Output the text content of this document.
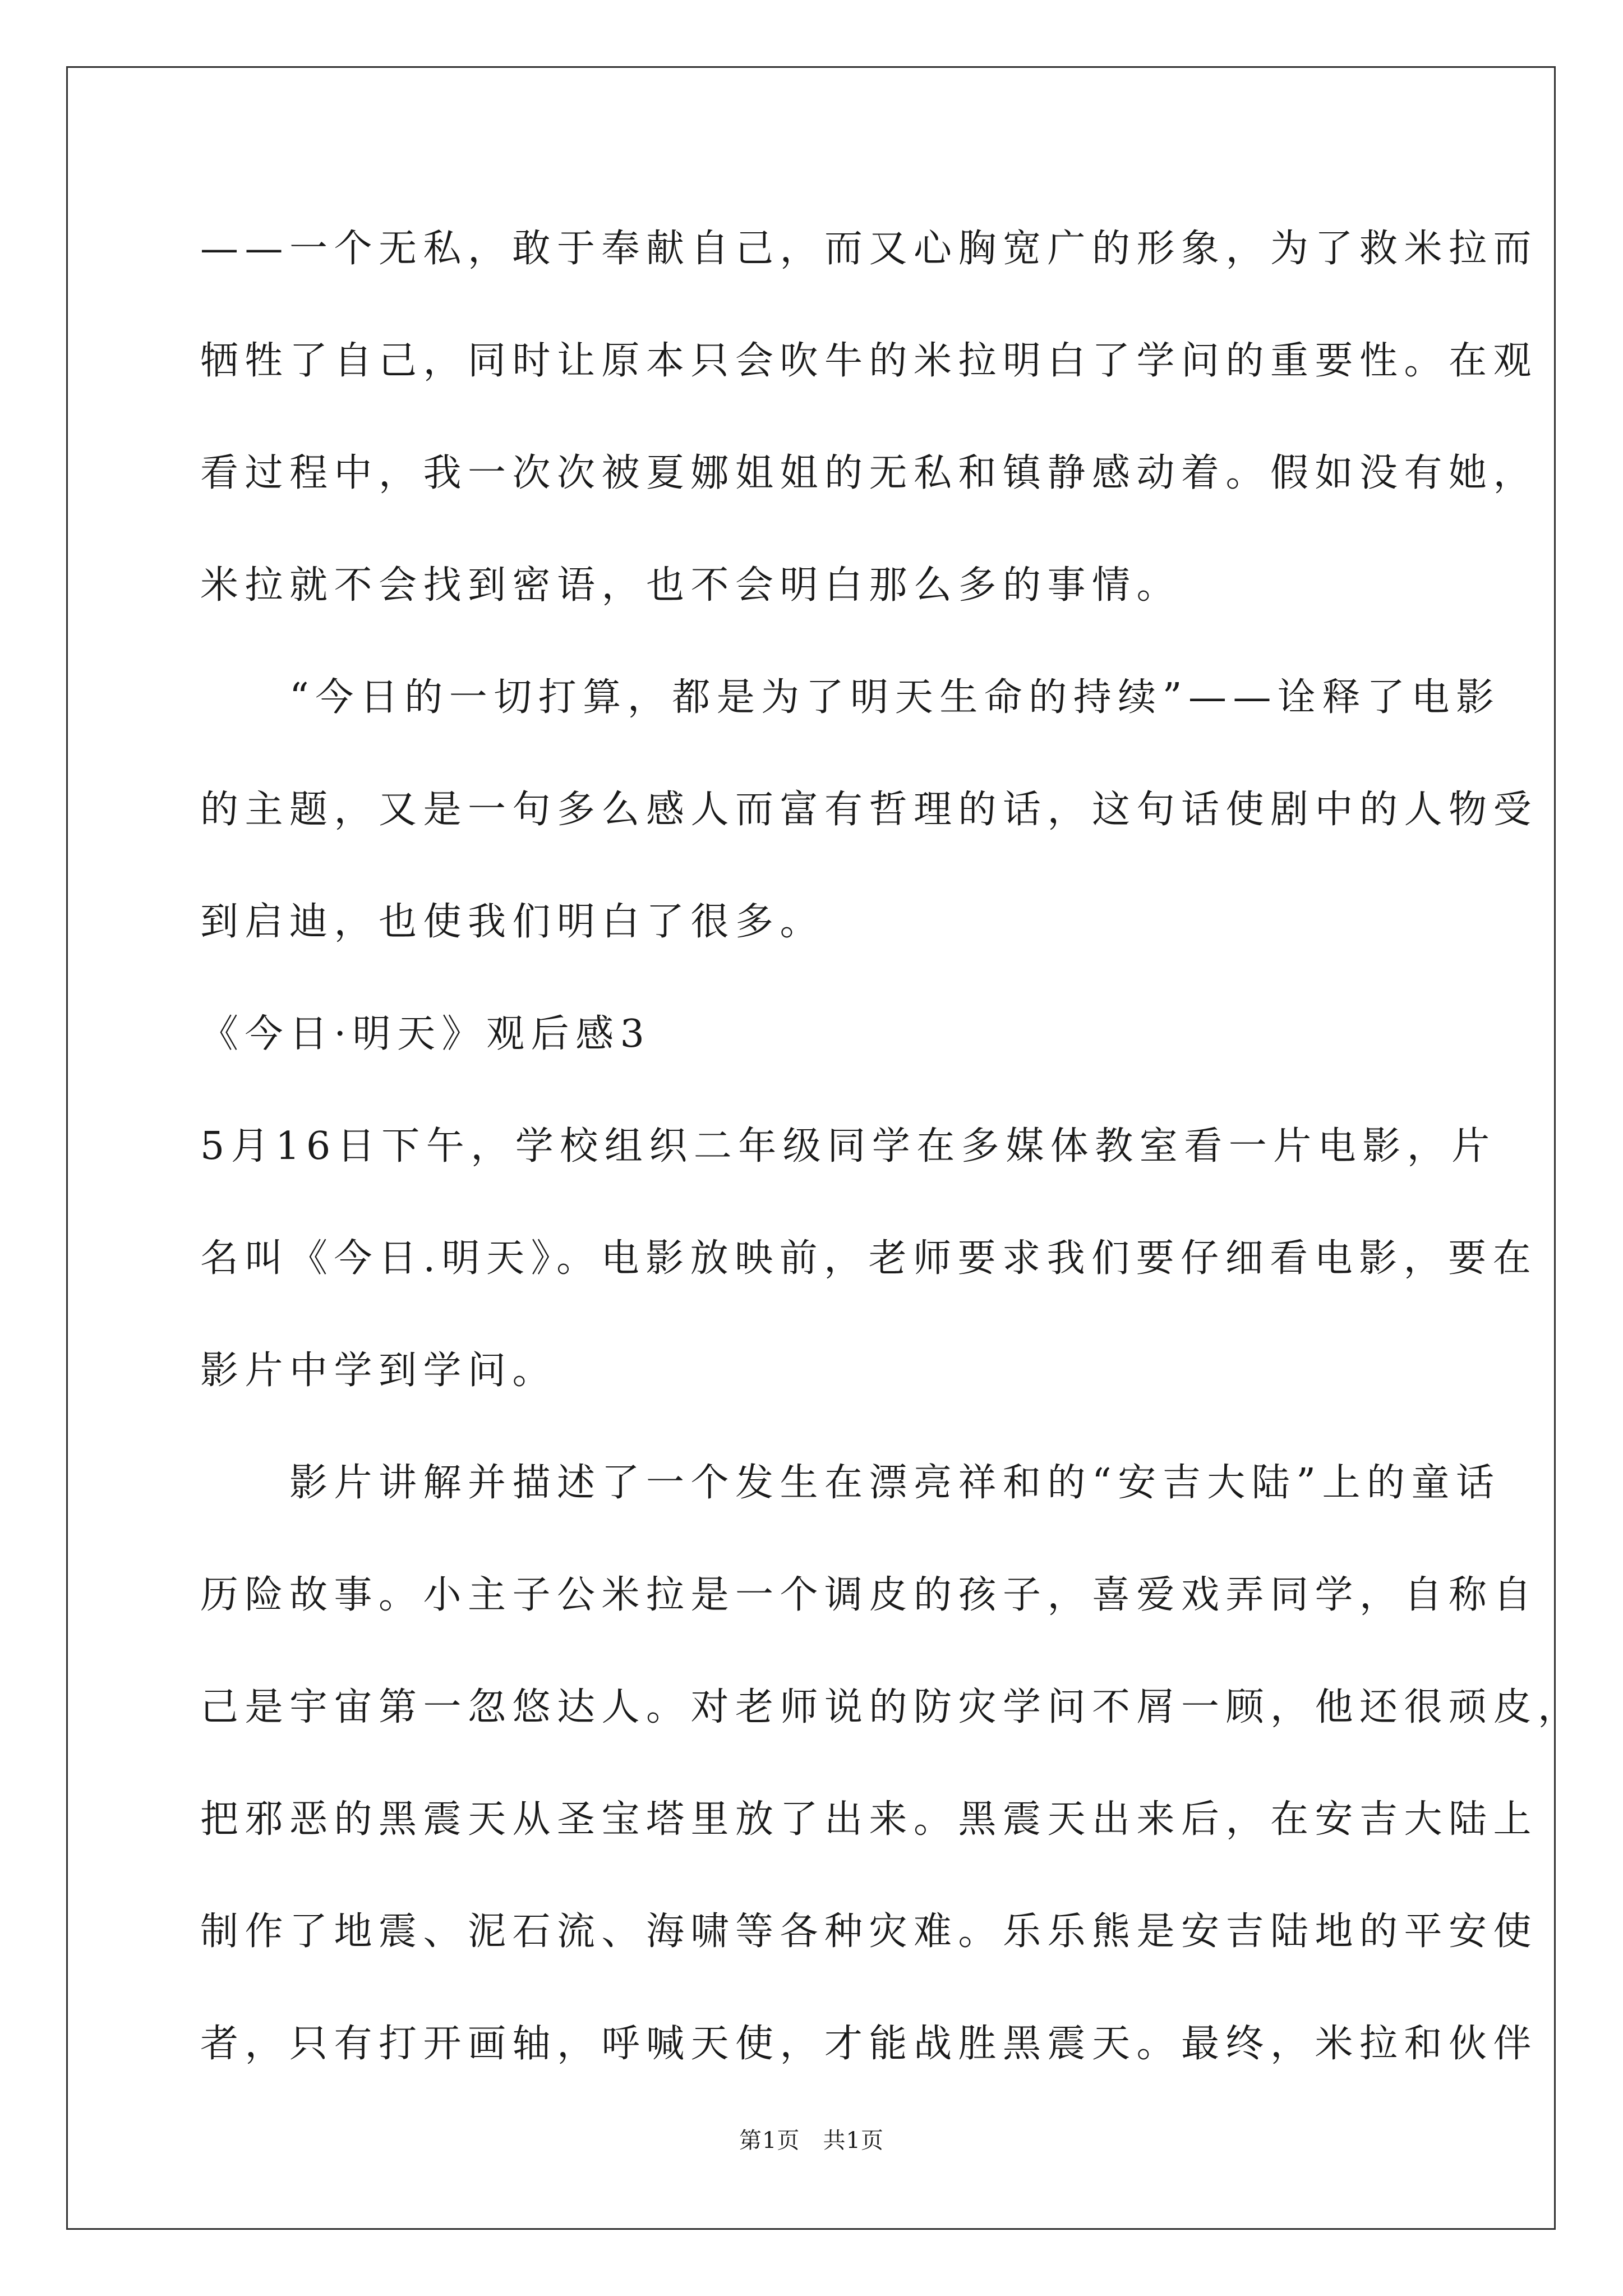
——一个无私，敢于奉献自己，而又心胸宽广的形象，为了救米拉而
牺牲了自己，同时让原本只会吹牛的米拉明白了学问的重要性。在观
看过程中，我一次次被夏娜姐姐的无私和镇静感动着。假如没有她，
米拉就不会找到密语，也不会明白那么多的事情。
　　“今日的一切打算，都是为了明天生命的持续”——诠释了电影
的主题，又是一句多么感人而富有哲理的话，这句话使剧中的人物受
到启迪，也使我们明白了很多。
《今日·明天》观后感3
5月16日下午，学校组织二年级同学在多媒体教室看一片电影，片
名叫《今日.明天》。电影放映前，老师要求我们要仔细看电影，要在
影片中学到学问。
　　影片讲解并描述了一个发生在漂亮祥和的“安吉大陆”上的童话
历险故事。小主子公米拉是一个调皮的孩子，喜爱戏弄同学，自称自
己是宇宙第一忽悠达人。对老师说的防灾学问不屑一顾，他还很顽皮，
把邪恶的黑震天从圣宝塔里放了出来。黑震天出来后，在安吉大陆上
制作了地震、泥石流、海啸等各种灾难。乐乐熊是安吉陆地的平安使
者，只有打开画轴，呼喊天使，才能战胜黑震天。最终，米拉和伙伴
第1页   共1页
